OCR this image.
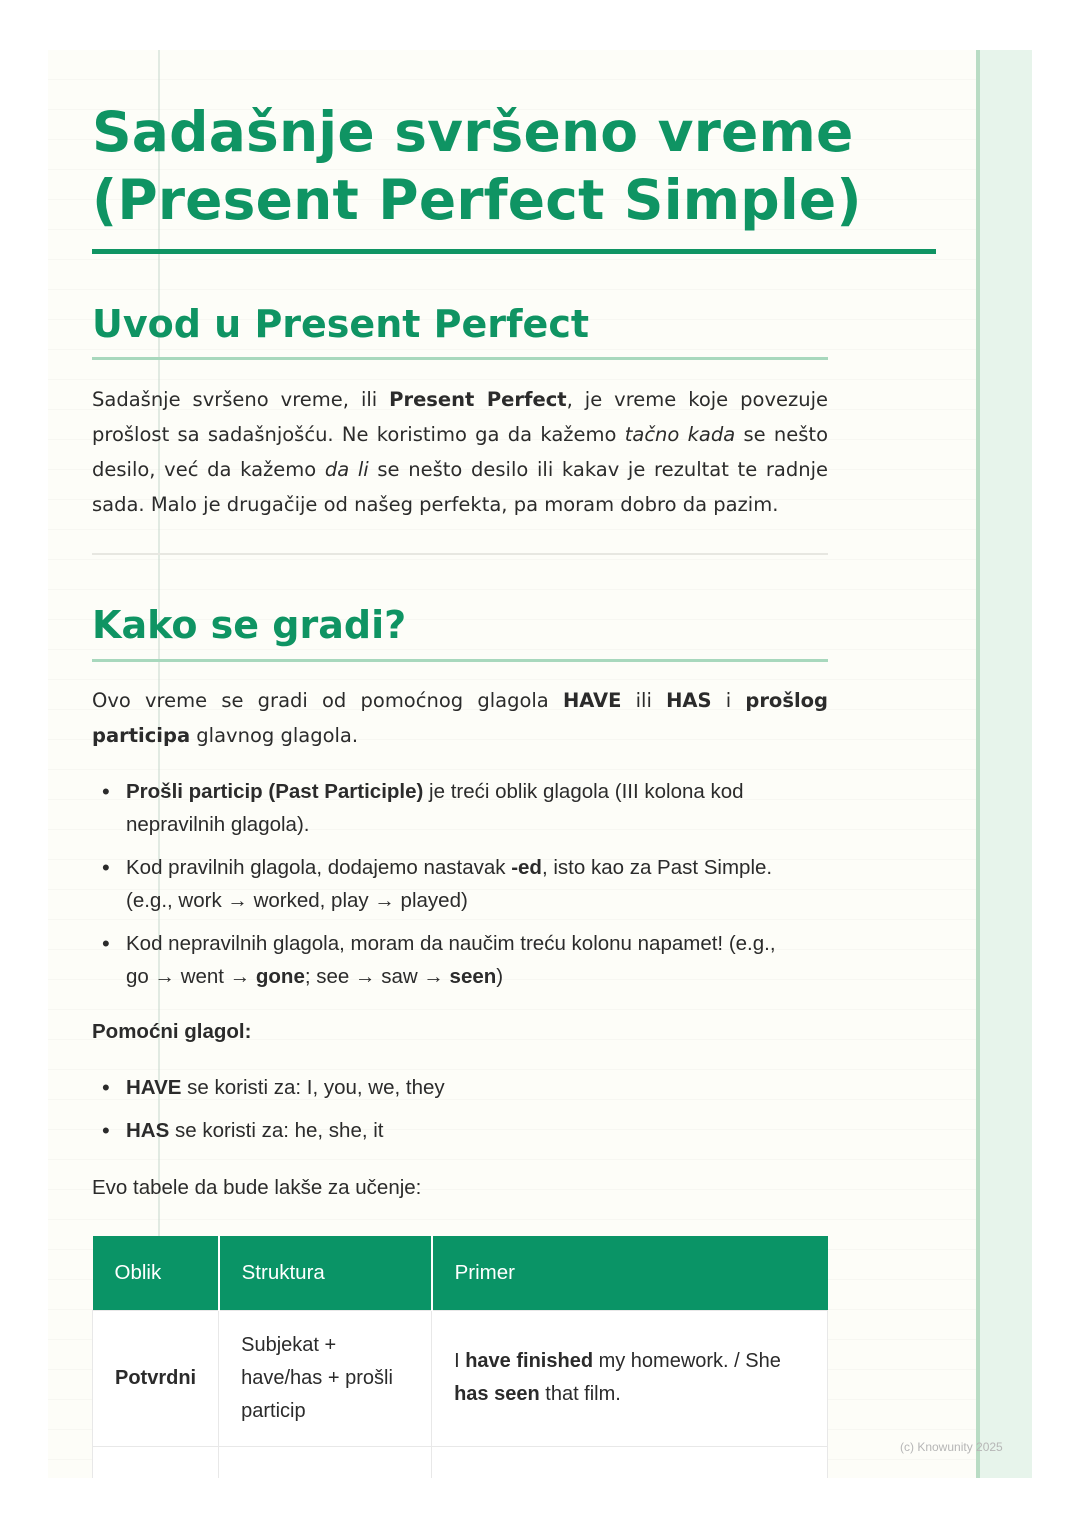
Sadašnje svršeno vreme
(Present Perfect Simple)
Uvod u Present Perfect

Sadašnje svršeno vreme, ili Present Perfect, je vreme koje povezuje prošlost sa sadašnjošću. Ne koristimo ga da kažemo tačno kada se nešto desilo, već da kažemo da li se nešto desilo ili kakav je rezultat te radnje sada. Malo je drugačije od našeg perfekta, pa moram dobro da pazim.

Kako se gradi?

Ovo vreme se gradi od pomoćnog glagola HAVE ili HAS i prošlog participa glavnog glagola.

• Prošli particip (Past Participle) je treći oblik glagola (III kolona kod nepravilnih glagola).
• Kod pravilnih glagola, dodajemo nastavak -ed, isto kao za Past Simple. (e.g., work → worked, play → played)
• Kod nepravilnih glagola, moram da naučim treću kolonu napamet! (e.g., go → went → gone; see → saw → seen)

Pomoćni glagol:

• HAVE se koristi za: I, you, we, they
• HAS se koristi za: he, she, it

Evo tabele da bude lakše za učenje:

Oblik	Struktura	Primer
Potvrdni	Subjekat + have/has + prošli particip	I have finished my homework. / She has seen that film.

(c) Knowunity 2025
